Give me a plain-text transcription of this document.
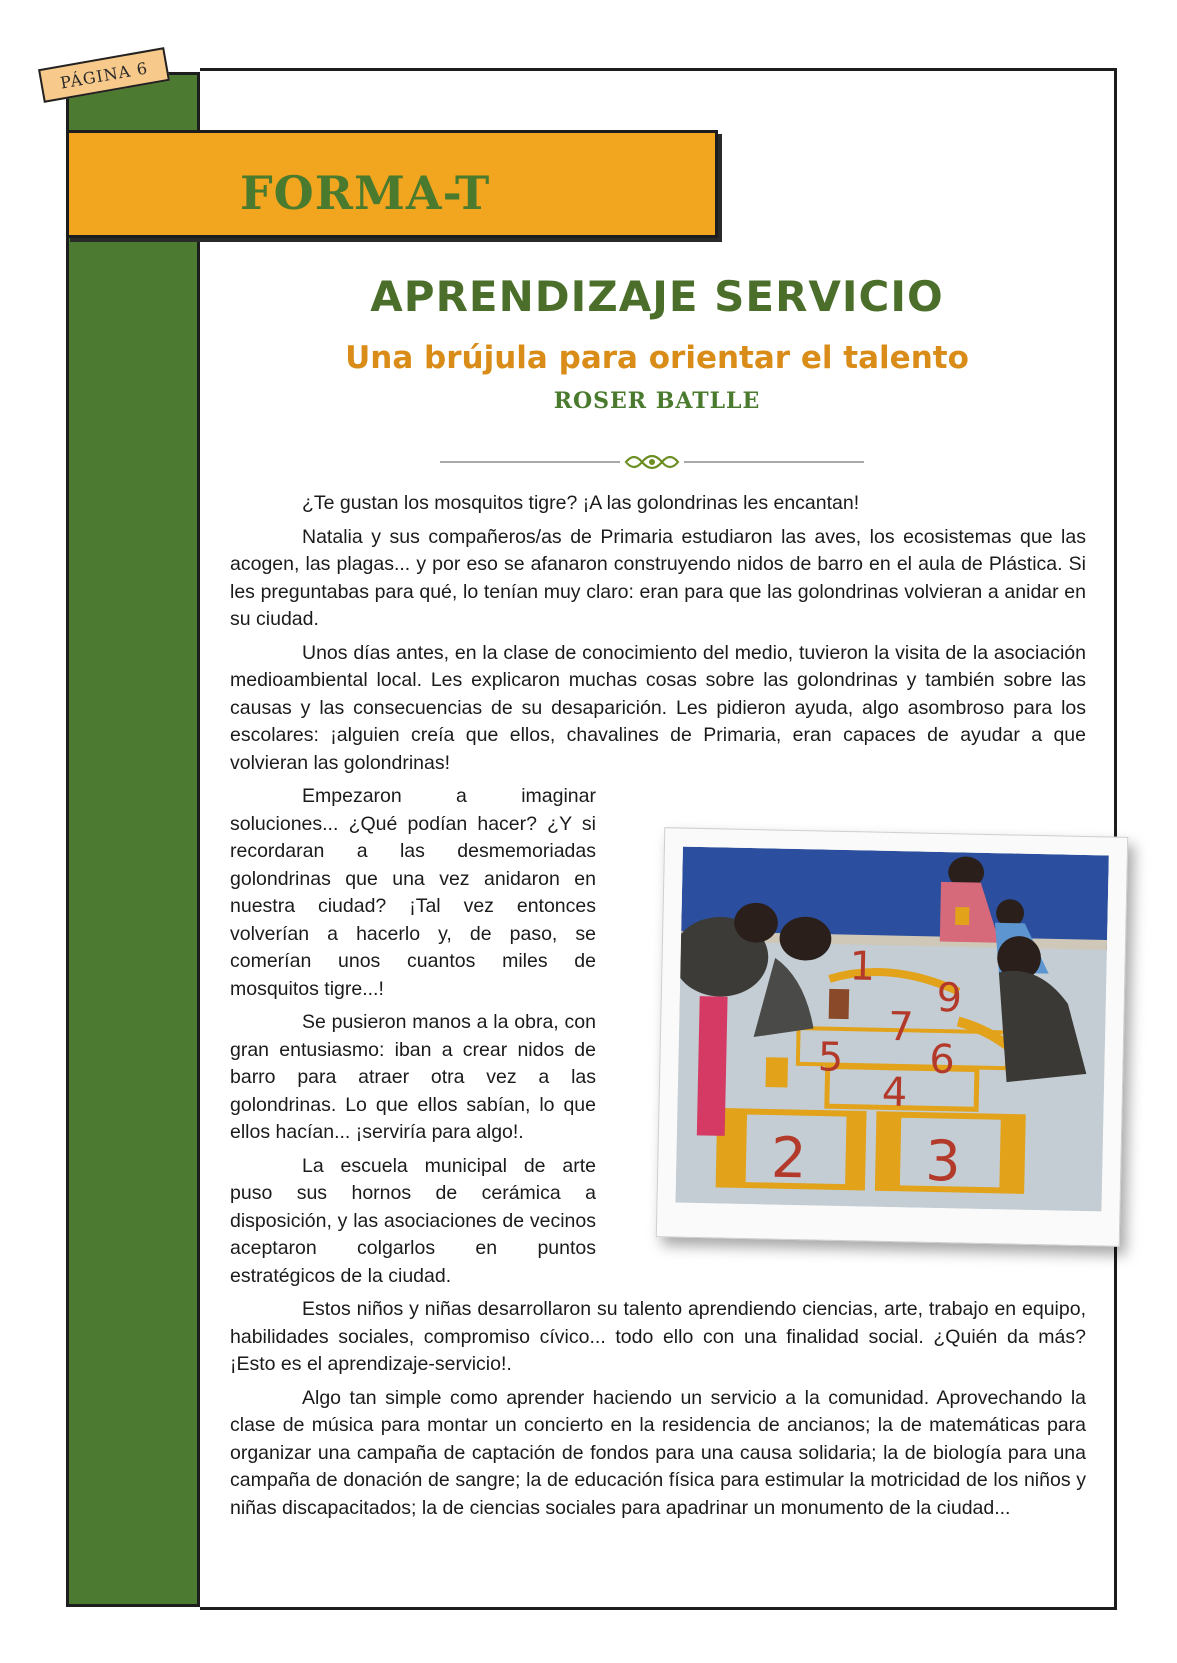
PÁGINA 6
FORMA-T
APRENDIZAJE SERVICIO
Una brújula para orientar el talento
ROSER BATLLE

¿Te gustan los mosquitos tigre? ¡A las golondrinas les encantan!

Natalia y sus compañeros/as de Primaria estudiaron las aves, los ecosistemas que las acogen, las plagas... y por eso se afanaron construyendo nidos de barro en el aula de Plástica. Si les preguntabas para qué, lo tenían muy claro: eran para que las golondrinas volvieran a anidar en su ciudad.

Unos días antes, en la clase de conocimiento del medio, tuvieron la visita de la asociación medioambiental local. Les explicaron muchas cosas sobre las golondrinas y también sobre las causas y las consecuencias de su desaparición. Les pidieron ayuda, algo asombroso para los escolares: ¡alguien creía que ellos, chavalines de Primaria, eran capaces de ayudar a que volvieran las golondrinas!

Empezaron a imaginar soluciones... ¿Qué podían hacer? ¿Y si recordaran a las desmemoriadas golondrinas que una vez anidaron en nuestra ciudad? ¡Tal vez entonces volverían a hacerlo y, de paso, se comerían unos cuantos miles de mosquitos tigre...!

Se pusieron manos a la obra, con gran entusiasmo: iban a crear nidos de barro para atraer otra vez a las golondrinas. Lo que ellos sabían, lo que ellos hacían... ¡serviría para algo!.

La escuela municipal de arte puso sus hornos de cerámica a disposición, y las asociaciones de vecinos aceptaron colgarlos en puntos estratégicos de la ciudad.

Estos niños y niñas desarrollaron su talento aprendiendo ciencias, arte, trabajo en equipo, habilidades sociales, compromiso cívico... todo ello con una finalidad social. ¿Quién da más? ¡Esto es el aprendizaje-servicio!.

Algo tan simple como aprender haciendo un servicio a la comunidad. Aprovechando la clase de música para montar un concierto en la residencia de ancianos; la de matemáticas para organizar una campaña de captación de fondos para una causa solidaria; la de biología para una campaña de donación de sangre; la de educación física para estimular la motricidad de los niños y niñas discapacitados; la de ciencias sociales para apadrinar un monumento de la ciudad...

1
9
7
5 6
4
2 3
